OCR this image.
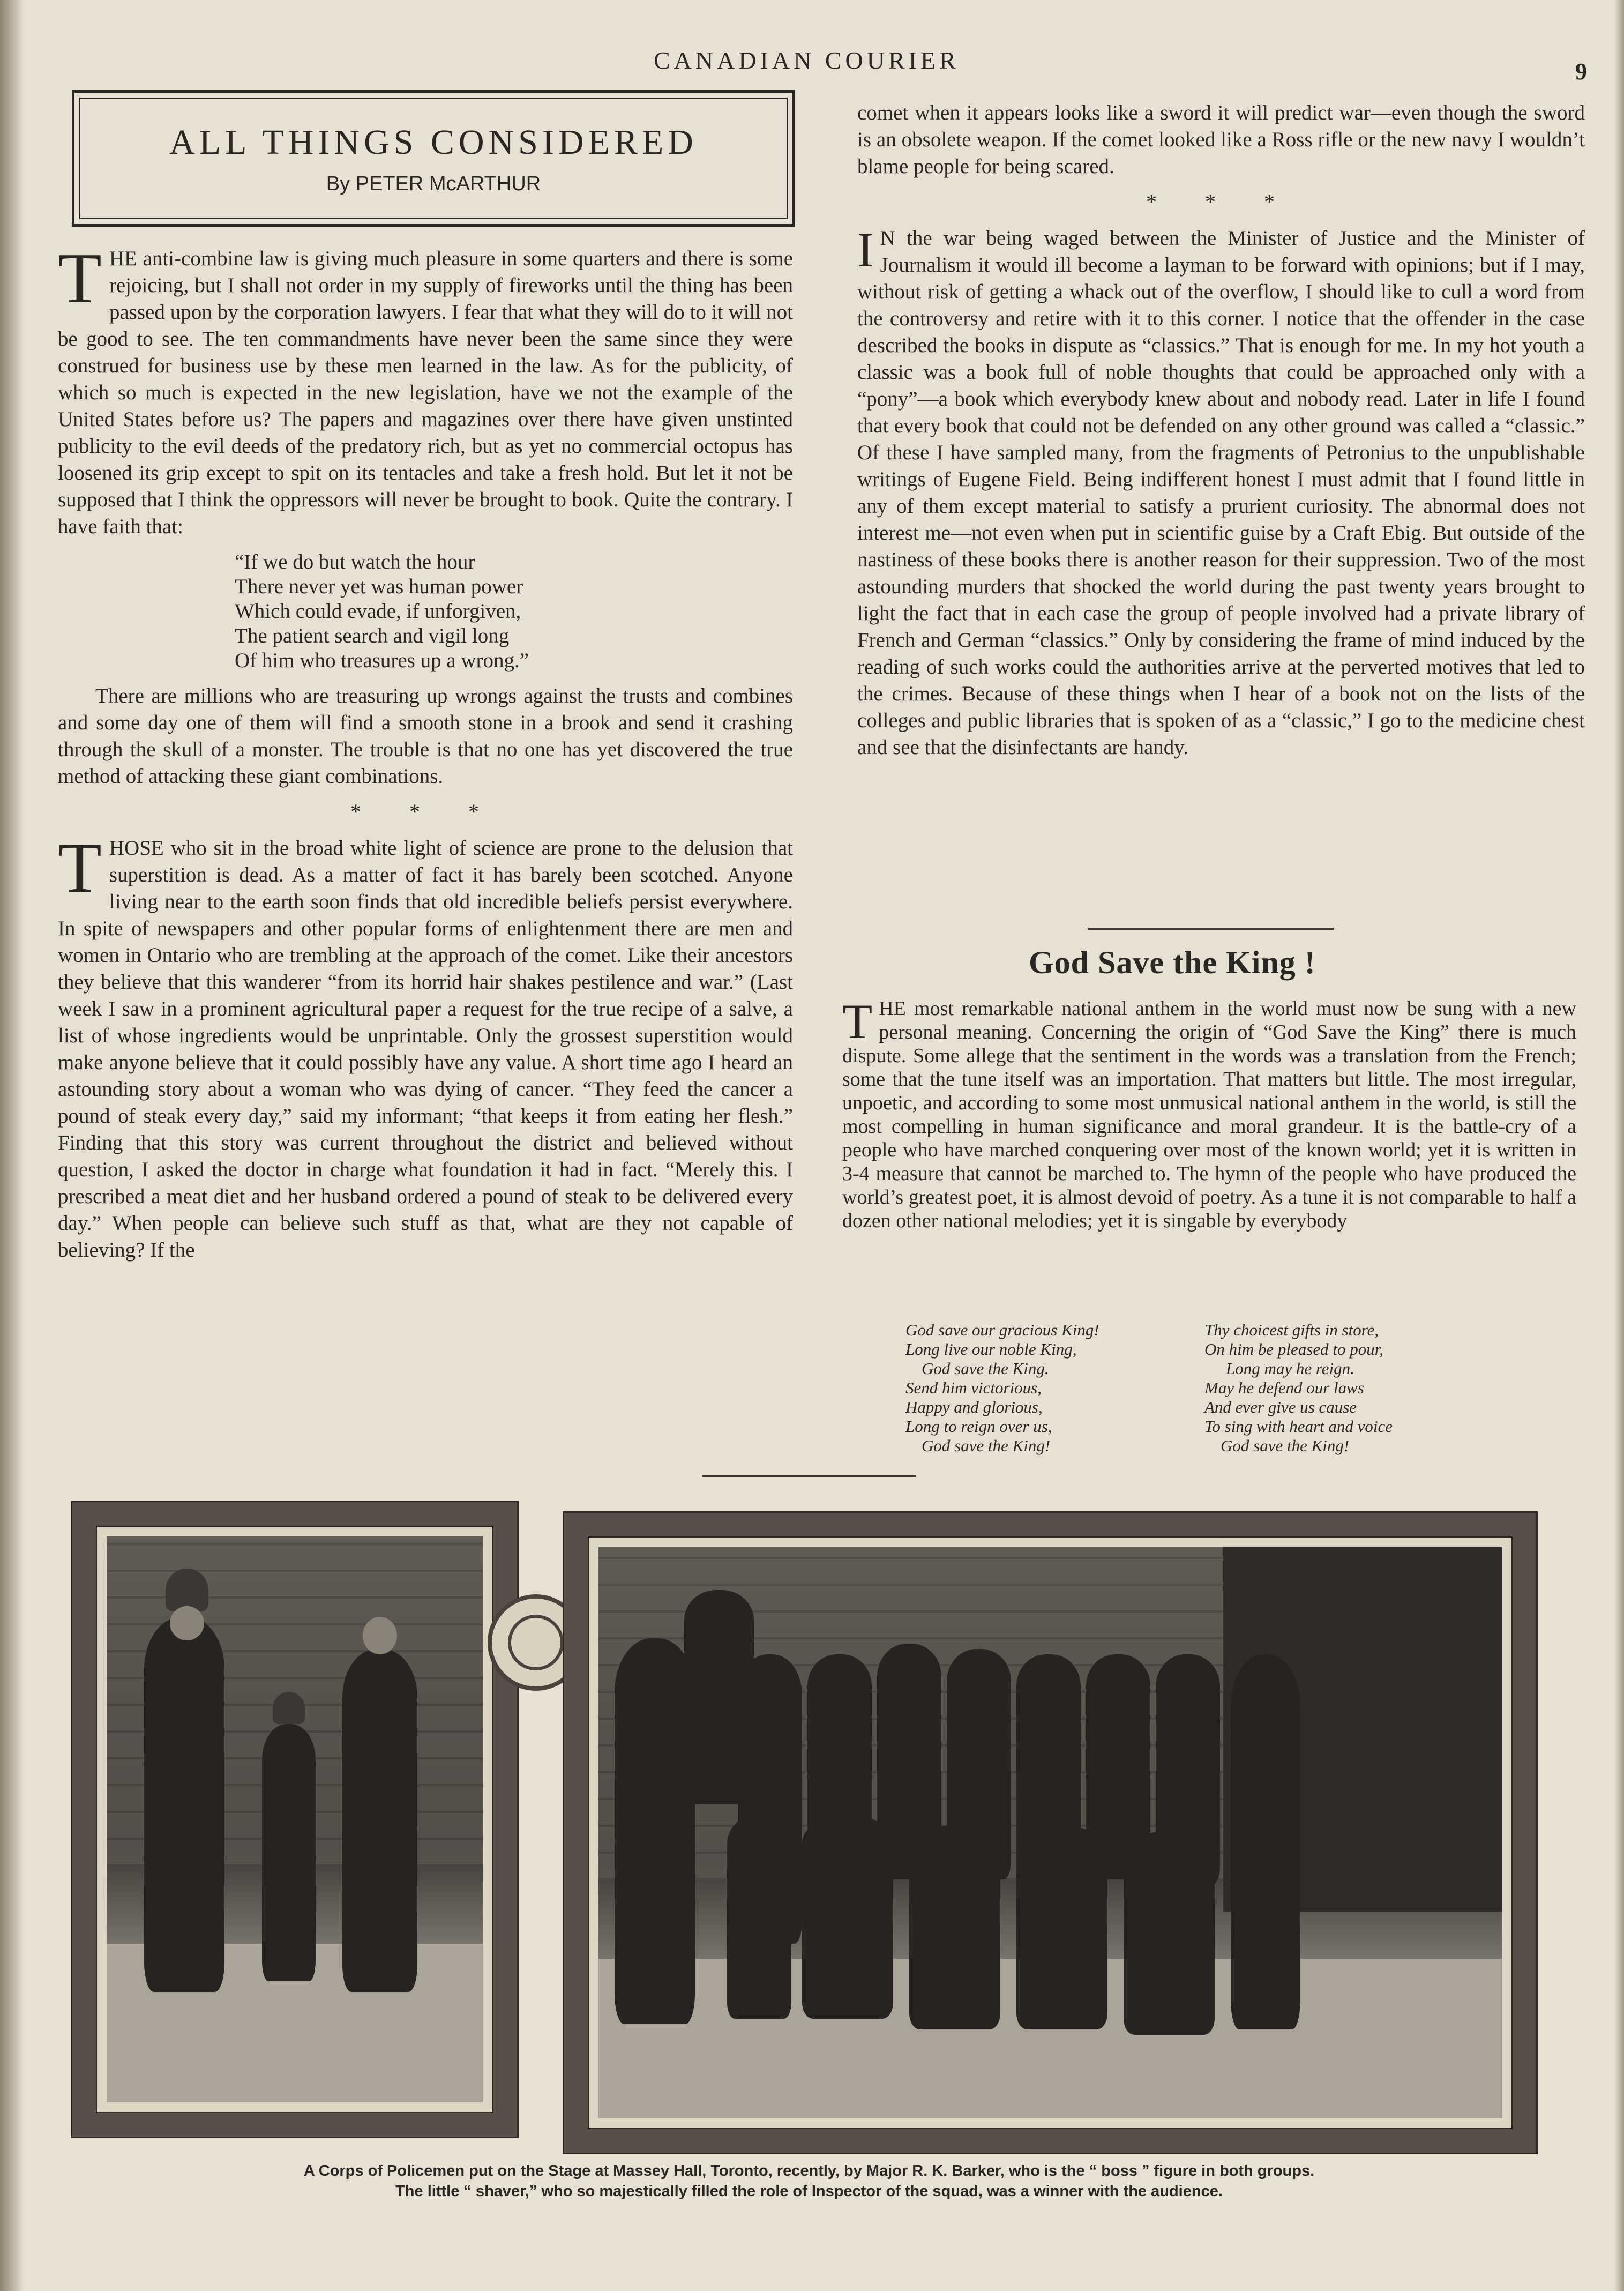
CANADIAN COURIER	9
ALL THINGS CONSIDERED
By PETER McARTHUR

T HE anti-combine law is giving much pleasure in some quarters and there is some rejoicing, but I shall not order in my supply of fireworks until the thing has been passed upon by the corporation lawyers. I fear that what they will do to it will not be good to see. The ten commandments have never been the same since they were construed for business use by these men learned in the law. As for the publicity, of which so much is expected in the new legislation, have we not the example of the United States before us? The papers and magazines over there have given unstinted publicity to the evil deeds of the predatory rich, but as yet no commercial octopus has loosened its grip except to spit on its tentacles and take a fresh hold. But let it not be supposed that I think the oppressors will never be brought to book. Quite the contrary. I have faith that:

“If we do but watch the hour
There never yet was human power
Which could evade, if unforgiven,
The patient search and vigil long
Of him who treasures up a wrong.”

There are millions who are treasuring up wrongs against the trusts and combines and some day one of them will find a smooth stone in a brook and send it crashing through the skull of a monster. The trouble is that no one has yet discovered the true method of attacking these giant combinations.

* * *

T HOSE who sit in the broad white light of science are prone to the delusion that superstition is dead. As a matter of fact it has barely been scotched. Anyone living near to the earth soon finds that old incredible beliefs persist everywhere. In spite of newspapers and other popular forms of enlightenment there are men and women in Ontario who are trembling at the approach of the comet. Like their ancestors they believe that this wanderer “from its horrid hair shakes pestilence and war.” (Last week I saw in a prominent agricultural paper a request for the true recipe of a salve, a list of whose ingredients would be unprintable. Only the grossest superstition would make anyone believe that it could possibly have any value. A short time ago I heard an astounding story about a woman who was dying of cancer. “They feed the cancer a pound of steak every day,” said my informant; “that keeps it from eating her flesh.” Finding that this story was current throughout the district and believed without question, I asked the doctor in charge what foundation it had in fact. “Merely this. I prescribed a meat diet and her husband ordered a pound of steak to be delivered every day.” When people can believe such stuff as that, what are they not capable of believing? If the

comet when it appears looks like a sword it will predict war—even though the sword is an obsolete weapon. If the comet looked like a Ross rifle or the new navy I wouldn’t blame people for being scared.

* * *

I N the war being waged between the Minister of Justice and the Minister of Journalism it would ill become a layman to be forward with opinions; but if I may, without risk of getting a whack out of the overflow, I should like to cull a word from the controversy and retire with it to this corner. I notice that the offender in the case described the books in dispute as “classics.” That is enough for me. In my hot youth a classic was a book full of noble thoughts that could be approached only with a “pony”—a book which everybody knew about and nobody read. Later in life I found that every book that could not be defended on any other ground was called a “classic.” Of these I have sampled many, from the fragments of Petronius to the unpublishable writings of Eugene Field. Being indifferent honest I must admit that I found little in any of them except material to satisfy a prurient curiosity. The abnormal does not interest me—not even when put in scientific guise by a Craft Ebig. But outside of the nastiness of these books there is another reason for their suppression. Two of the most astounding murders that shocked the world during the past twenty years brought to light the fact that in each case the group of people involved had a private library of French and German “classics.” Only by considering the frame of mind induced by the reading of such works could the authorities arrive at the perverted motives that led to the crimes. Because of these things when I hear of a book not on the lists of the colleges and public libraries that is spoken of as a “classic,” I go to the medicine chest and see that the disinfectants are handy.

God Save the King !

T HE most remarkable national anthem in the world must now be sung with a new personal meaning. Concerning the origin of “God Save the King” there is much dispute. Some allege that the sentiment in the words was a translation from the French; some that the tune itself was an importation. That matters but little. The most irregular, unpoetic, and according to some most unmusical national anthem in the world, is still the most compelling in human significance and moral grandeur. It is the battle-cry of a people who have marched conquering over most of the known world; yet it is written in 3-4 measure that cannot be marched to. The hymn of the people who have produced the world’s greatest poet, it is almost devoid of poetry. As a tune it is not comparable to half a dozen other national melodies; yet it is singable by everybody

God save our gracious King!
Long live our noble King,
God save the King.
Send him victorious,
Happy and glorious,
Long to reign over us,
God save the King!
Thy choicest gifts in store,
On him be pleased to pour,
Long may he reign.
May he defend our laws
And ever give us cause
To sing with heart and voice
God save the King!
A Corps of Policemen put on the Stage at Massey Hall, Toronto, recently, by Major R. K. Barker, who is the “ boss ” figure in both groups.
The little “ shaver,” who so majestically filled the role of Inspector of the squad, was a winner with the audience.
